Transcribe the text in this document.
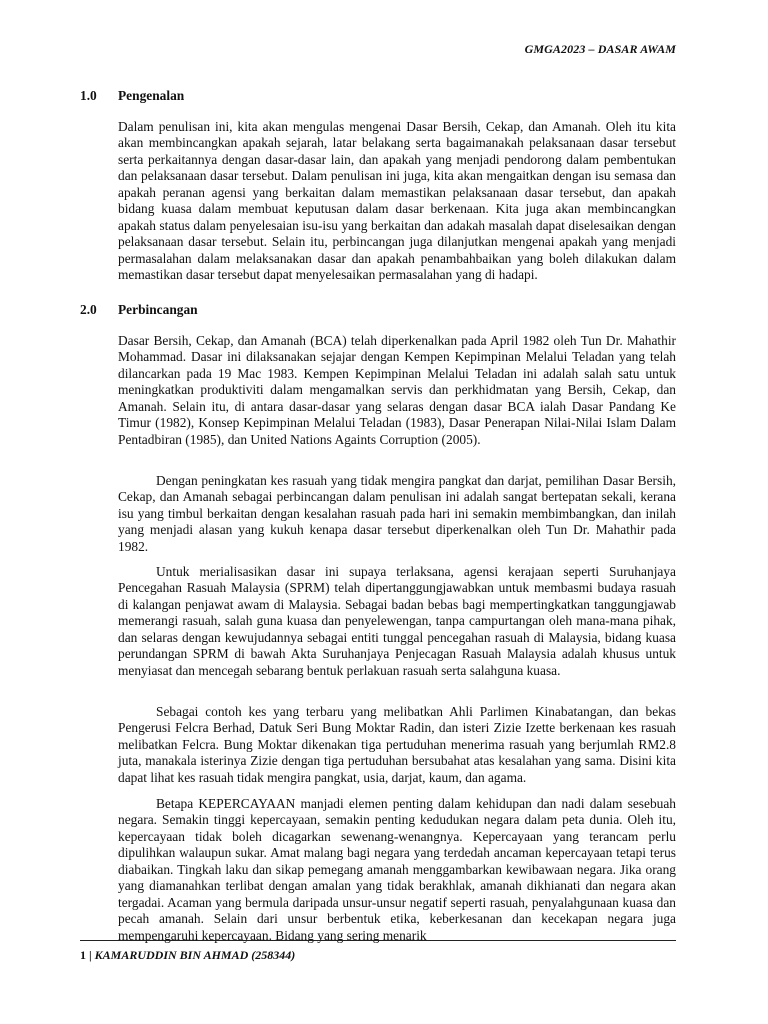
GMGA2023 – DASAR AWAM
1.0 Pengenalan

Dalam penulisan ini, kita akan mengulas mengenai Dasar Bersih, Cekap, dan Amanah. Oleh itu kita akan membincangkan apakah sejarah, latar belakang serta bagaimanakah pelaksanaan dasar tersebut serta perkaitannya dengan dasar-dasar lain, dan apakah yang menjadi pendorong dalam pembentukan dan pelaksanaan dasar tersebut. Dalam penulisan ini juga, kita akan mengaitkan dengan isu semasa dan apakah peranan agensi yang berkaitan dalam memastikan pelaksanaan dasar tersebut, dan apakah bidang kuasa dalam membuat keputusan dalam dasar berkenaan. Kita juga akan membincangkan apakah status dalam penyelesaian isu-isu yang berkaitan dan adakah masalah dapat diselesaikan dengan pelaksanaan dasar tersebut. Selain itu, perbincangan juga dilanjutkan mengenai apakah yang menjadi permasalahan dalam melaksanakan dasar dan apakah penambahbaikan yang boleh dilakukan dalam memastikan dasar tersebut dapat menyelesaikan permasalahan yang di hadapi.

2.0 Perbincangan

Dasar Bersih, Cekap, dan Amanah (BCA) telah diperkenalkan pada April 1982 oleh Tun Dr. Mahathir Mohammad. Dasar ini dilaksanakan sejajar dengan Kempen Kepimpinan Melalui Teladan yang telah dilancarkan pada 19 Mac 1983. Kempen Kepimpinan Melalui Teladan ini adalah salah satu untuk meningkatkan produktiviti dalam mengamalkan servis dan perkhidmatan yang Bersih, Cekap, dan Amanah. Selain itu, di antara dasar-dasar yang selaras dengan dasar BCA ialah Dasar Pandang Ke Timur (1982), Konsep Kepimpinan Melalui Teladan (1983), Dasar Penerapan Nilai-Nilai Islam Dalam Pentadbiran (1985), dan United Nations Againts Corruption (2005).

Dengan peningkatan kes rasuah yang tidak mengira pangkat dan darjat, pemilihan Dasar Bersih, Cekap, dan Amanah sebagai perbincangan dalam penulisan ini adalah sangat bertepatan sekali, kerana isu yang timbul berkaitan dengan kesalahan rasuah pada hari ini semakin membimbangkan, dan inilah yang menjadi alasan yang kukuh kenapa dasar tersebut diperkenalkan oleh Tun Dr. Mahathir pada 1982.

Untuk merialisasikan dasar ini supaya terlaksana, agensi kerajaan seperti Suruhanjaya Pencegahan Rasuah Malaysia (SPRM) telah dipertanggungjawabkan untuk membasmi budaya rasuah di kalangan penjawat awam di Malaysia. Sebagai badan bebas bagi mempertingkatkan tanggungjawab memerangi rasuah, salah guna kuasa dan penyelewengan, tanpa campurtangan oleh mana-mana pihak, dan selaras dengan kewujudannya sebagai entiti tunggal pencegahan rasuah di Malaysia, bidang kuasa perundangan SPRM di bawah Akta Suruhanjaya Penjecagan Rasuah Malaysia adalah khusus untuk menyiasat dan mencegah sebarang bentuk perlakuan rasuah serta salahguna kuasa.

Sebagai contoh kes yang terbaru yang melibatkan Ahli Parlimen Kinabatangan, dan bekas Pengerusi Felcra Berhad, Datuk Seri Bung Moktar Radin, dan isteri Zizie Izette berkenaan kes rasuah melibatkan Felcra. Bung Moktar dikenakan tiga pertuduhan menerima rasuah yang berjumlah RM2.8 juta, manakala isterinya Zizie dengan tiga pertuduhan bersubahat atas kesalahan yang sama. Disini kita dapat lihat kes rasuah tidak mengira pangkat, usia, darjat, kaum, dan agama.

Betapa KEPERCAYAAN manjadi elemen penting dalam kehidupan dan nadi dalam sesebuah negara. Semakin tinggi kepercayaan, semakin penting kedudukan negara dalam peta dunia. Oleh itu, kepercayaan tidak boleh dicagarkan sewenang-wenangnya. Kepercayaan yang terancam perlu dipulihkan walaupun sukar. Amat malang bagi negara yang terdedah ancaman kepercayaan tetapi terus diabaikan. Tingkah laku dan sikap pemegang amanah menggambarkan kewibawaan negara. Jika orang yang diamanahkan terlibat dengan amalan yang tidak berakhlak, amanah dikhianati dan negara akan tergadai. Acaman yang bermula daripada unsur-unsur negatif seperti rasuah, penyalahgunaan kuasa dan pecah amanah. Selain dari unsur berbentuk etika, keberkesanan dan kecekapan negara juga mempengaruhi kepercayaan. Bidang yang sering menarik

1 | KAMARUDDIN BIN AHMAD (258344)
